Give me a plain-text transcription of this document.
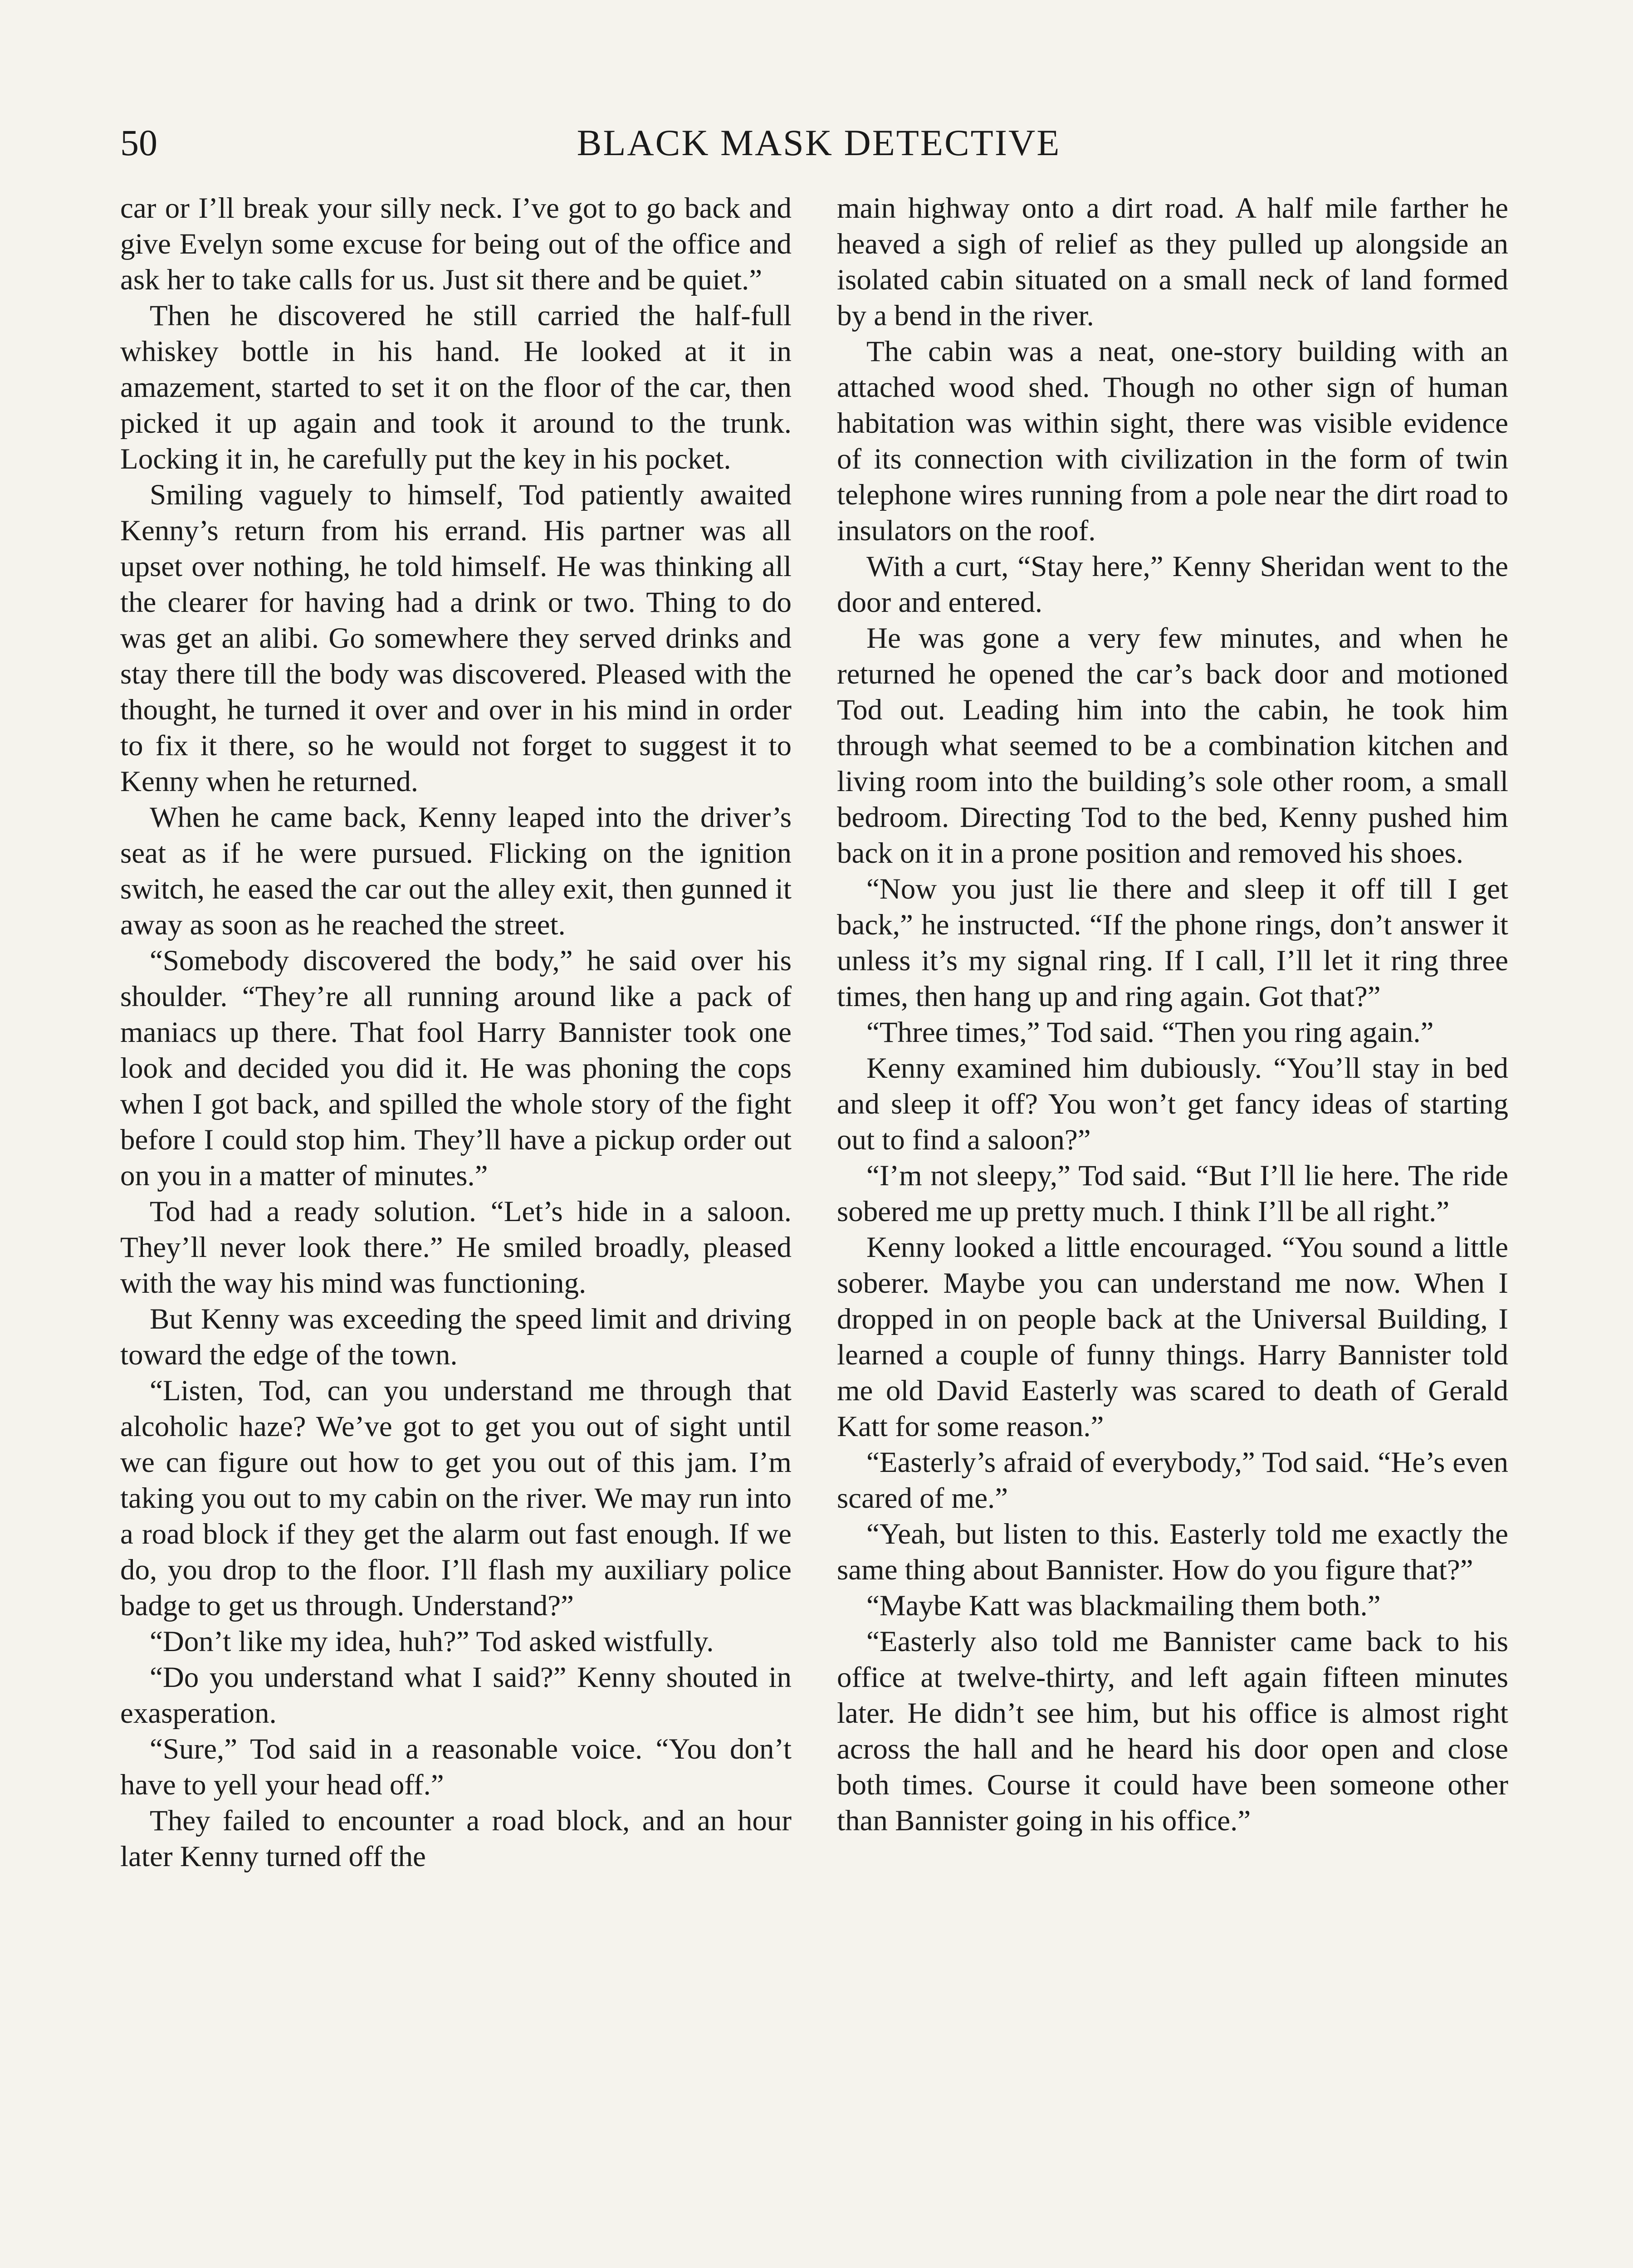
50	BLACK MASK DETECTIVE

car or I’ll break your silly neck. I’ve got to go back and give Evelyn some excuse for being out of the office and ask her to take calls for us. Just sit there and be quiet.”

Then he discovered he still carried the half-full whiskey bottle in his hand. He looked at it in amazement, started to set it on the floor of the car, then picked it up again and took it around to the trunk. Locking it in, he carefully put the key in his pocket.

Smiling vaguely to himself, Tod patiently awaited Kenny’s return from his errand. His partner was all upset over nothing, he told himself. He was thinking all the clearer for having had a drink or two. Thing to do was get an alibi. Go somewhere they served drinks and stay there till the body was discovered. Pleased with the thought, he turned it over and over in his mind in order to fix it there, so he would not forget to suggest it to Kenny when he returned.

When he came back, Kenny leaped into the driver’s seat as if he were pursued. Flicking on the ignition switch, he eased the car out the alley exit, then gunned it away as soon as he reached the street.

“Somebody discovered the body,” he said over his shoulder. “They’re all running around like a pack of maniacs up there. That fool Harry Bannister took one look and decided you did it. He was phoning the cops when I got back, and spilled the whole story of the fight before I could stop him. They’ll have a pickup order out on you in a matter of minutes.”

Tod had a ready solution. “Let’s hide in a saloon. They’ll never look there.” He smiled broadly, pleased with the way his mind was functioning.

But Kenny was exceeding the speed limit and driving toward the edge of the town.

“Listen, Tod, can you understand me through that alcoholic haze? We’ve got to get you out of sight until we can figure out how to get you out of this jam. I’m taking you out to my cabin on the river. We may run into a road block if they get the alarm out fast enough. If we do, you drop to the floor. I’ll flash my auxiliary police badge to get us through. Understand?”

“Don’t like my idea, huh?” Tod asked wistfully.

“Do you understand what I said?” Kenny shouted in exasperation.

“Sure,” Tod said in a reasonable voice. “You don’t have to yell your head off.”

They failed to encounter a road block, and an hour later Kenny turned off the

main highway onto a dirt road. A half mile farther he heaved a sigh of relief as they pulled up alongside an isolated cabin situated on a small neck of land formed by a bend in the river.

The cabin was a neat, one-story building with an attached wood shed. Though no other sign of human habitation was within sight, there was visible evidence of its connection with civilization in the form of twin telephone wires running from a pole near the dirt road to insulators on the roof.

With a curt, “Stay here,” Kenny Sheridan went to the door and entered.

He was gone a very few minutes, and when he returned he opened the car’s back door and motioned Tod out. Leading him into the cabin, he took him through what seemed to be a combination kitchen and living room into the building’s sole other room, a small bedroom. Directing Tod to the bed, Kenny pushed him back on it in a prone position and removed his shoes.

“Now you just lie there and sleep it off till I get back,” he instructed. “If the phone rings, don’t answer it unless it’s my signal ring. If I call, I’ll let it ring three times, then hang up and ring again. Got that?”

“Three times,” Tod said. “Then you ring again.”

Kenny examined him dubiously. “You’ll stay in bed and sleep it off? You won’t get fancy ideas of starting out to find a saloon?”

“I’m not sleepy,” Tod said. “But I’ll lie here. The ride sobered me up pretty much. I think I’ll be all right.”

Kenny looked a little encouraged. “You sound a little soberer. Maybe you can understand me now. When I dropped in on people back at the Universal Building, I learned a couple of funny things. Harry Bannister told me old David Easterly was scared to death of Gerald Katt for some reason.”

“Easterly’s afraid of everybody,” Tod said. “He’s even scared of me.”

“Yeah, but listen to this. Easterly told me exactly the same thing about Bannister. How do you figure that?”

“Maybe Katt was blackmailing them both.”

“Easterly also told me Bannister came back to his office at twelve-thirty, and left again fifteen minutes later. He didn’t see him, but his office is almost right across the hall and he heard his door open and close both times. Course it could have been someone other than Bannister going in his office.”
